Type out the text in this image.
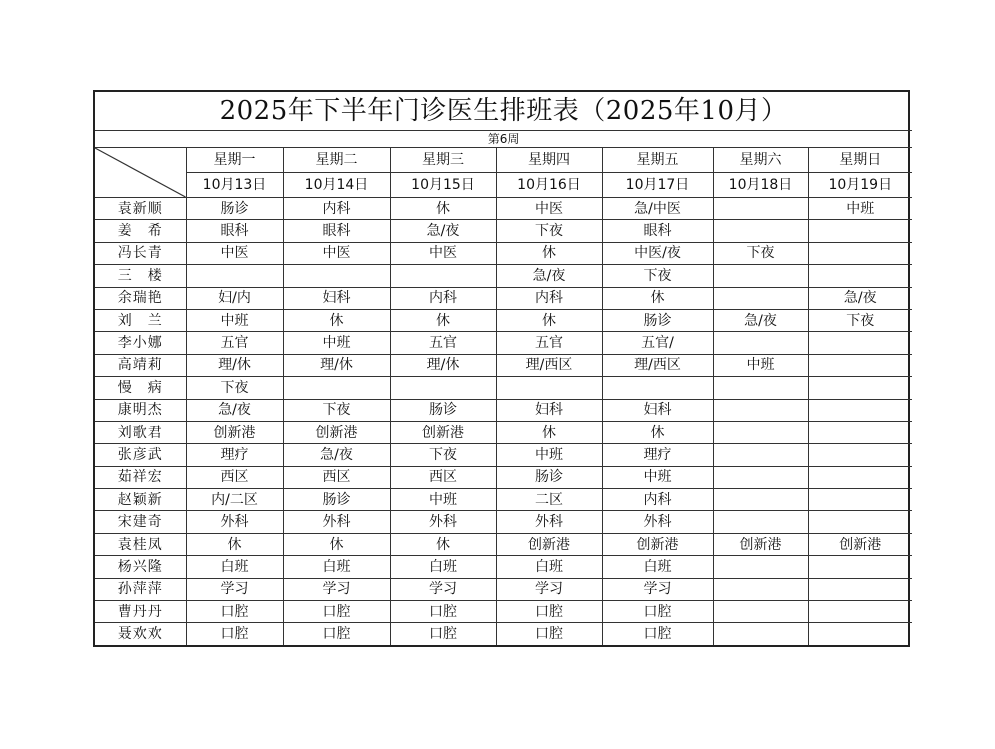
2025年下半年门诊医生排班表（2025年10月）							
第6周							

	星期一	星期二	星期三	星期四	星期五	星期六	星期日
	10月13日	10月14日	10月15日	10月16日	10月17日	10月18日	10月19日
袁新顺	肠诊	内科	休	中医	急/中医		中班
姜　希	眼科	眼科	急/夜	下夜	眼科		
冯长青	中医	中医	中医	休	中医/夜	下夜	
三　楼				急/夜	下夜		
余瑞艳	妇/内	妇科	内科	内科	休		急/夜
刘　兰	中班	休	休	休	肠诊	急/夜	下夜
李小娜	五官	中班	五官	五官	五官/		
高靖莉	理/休	理/休	理/休	理/西区	理/西区	中班	
慢　病	下夜						
康明杰	急/夜	下夜	肠诊	妇科	妇科		
刘歌君	创新港	创新港	创新港	休	休		
张彦武	理疗	急/夜	下夜	中班	理疗		
茹祥宏	西区	西区	西区	肠诊	中班		
赵颖新	内/二区	肠诊	中班	二区	内科		
宋建奇	外科	外科	外科	外科	外科		
袁桂凤	休	休	休	创新港	创新港	创新港	创新港
杨兴隆	白班	白班	白班	白班	白班		
孙萍萍	学习	学习	学习	学习	学习		
曹丹丹	口腔	口腔	口腔	口腔	口腔		
聂欢欢	口腔	口腔	口腔	口腔	口腔		
